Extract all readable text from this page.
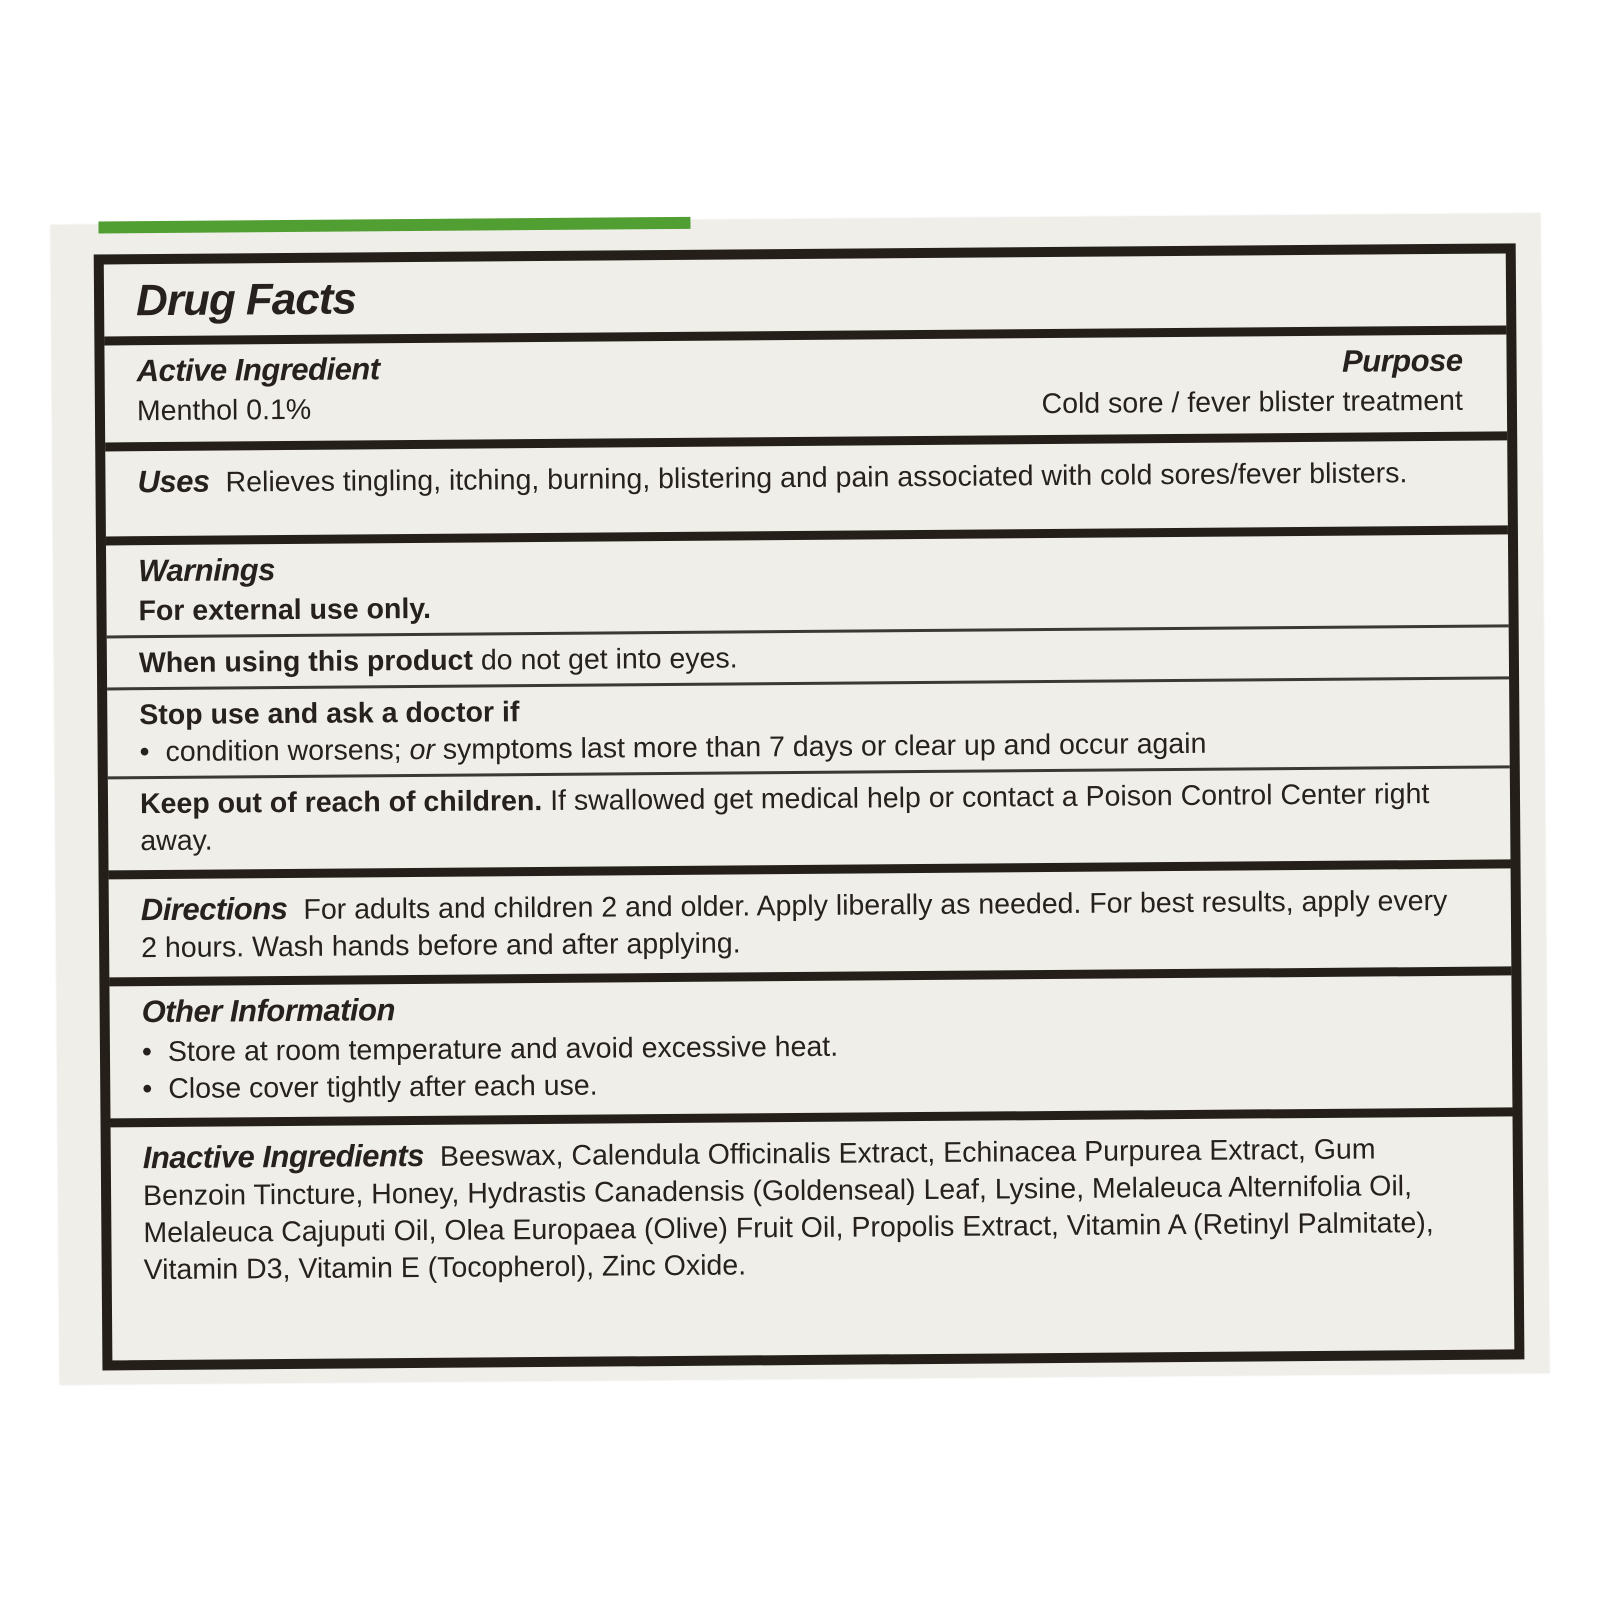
Drug Facts
Active Ingredient

Menthol 0.1%

Purpose

Cold sore / fever blister treatment

Uses Relieves tingling, itching, burning, blistering and pain associated with cold sores/fever blisters.

Warnings

For external use only.

When using this product do not get into eyes.

Stop use and ask a doctor if

• condition worsens; or symptoms last more than 7 days or clear up and occur again

Keep out of reach of children. If swallowed get medical help or contact a Poison Control Center right away.

Directions For adults and children 2 and older. Apply liberally as needed. For best results, apply every 2 hours. Wash hands before and after applying.

Other Information

• Store at room temperature and avoid excessive heat.

• Close cover tightly after each use.

Inactive Ingredients Beeswax, Calendula Officinalis Extract, Echinacea Purpurea Extract, Gum Benzoin Tincture, Honey, Hydrastis Canadensis (Goldenseal) Leaf, Lysine, Melaleuca Alternifolia Oil, Melaleuca Cajuputi Oil, Olea Europaea (Olive) Fruit Oil, Propolis Extract, Vitamin A (Retinyl Palmitate), Vitamin D3, Vitamin E (Tocopherol), Zinc Oxide.
